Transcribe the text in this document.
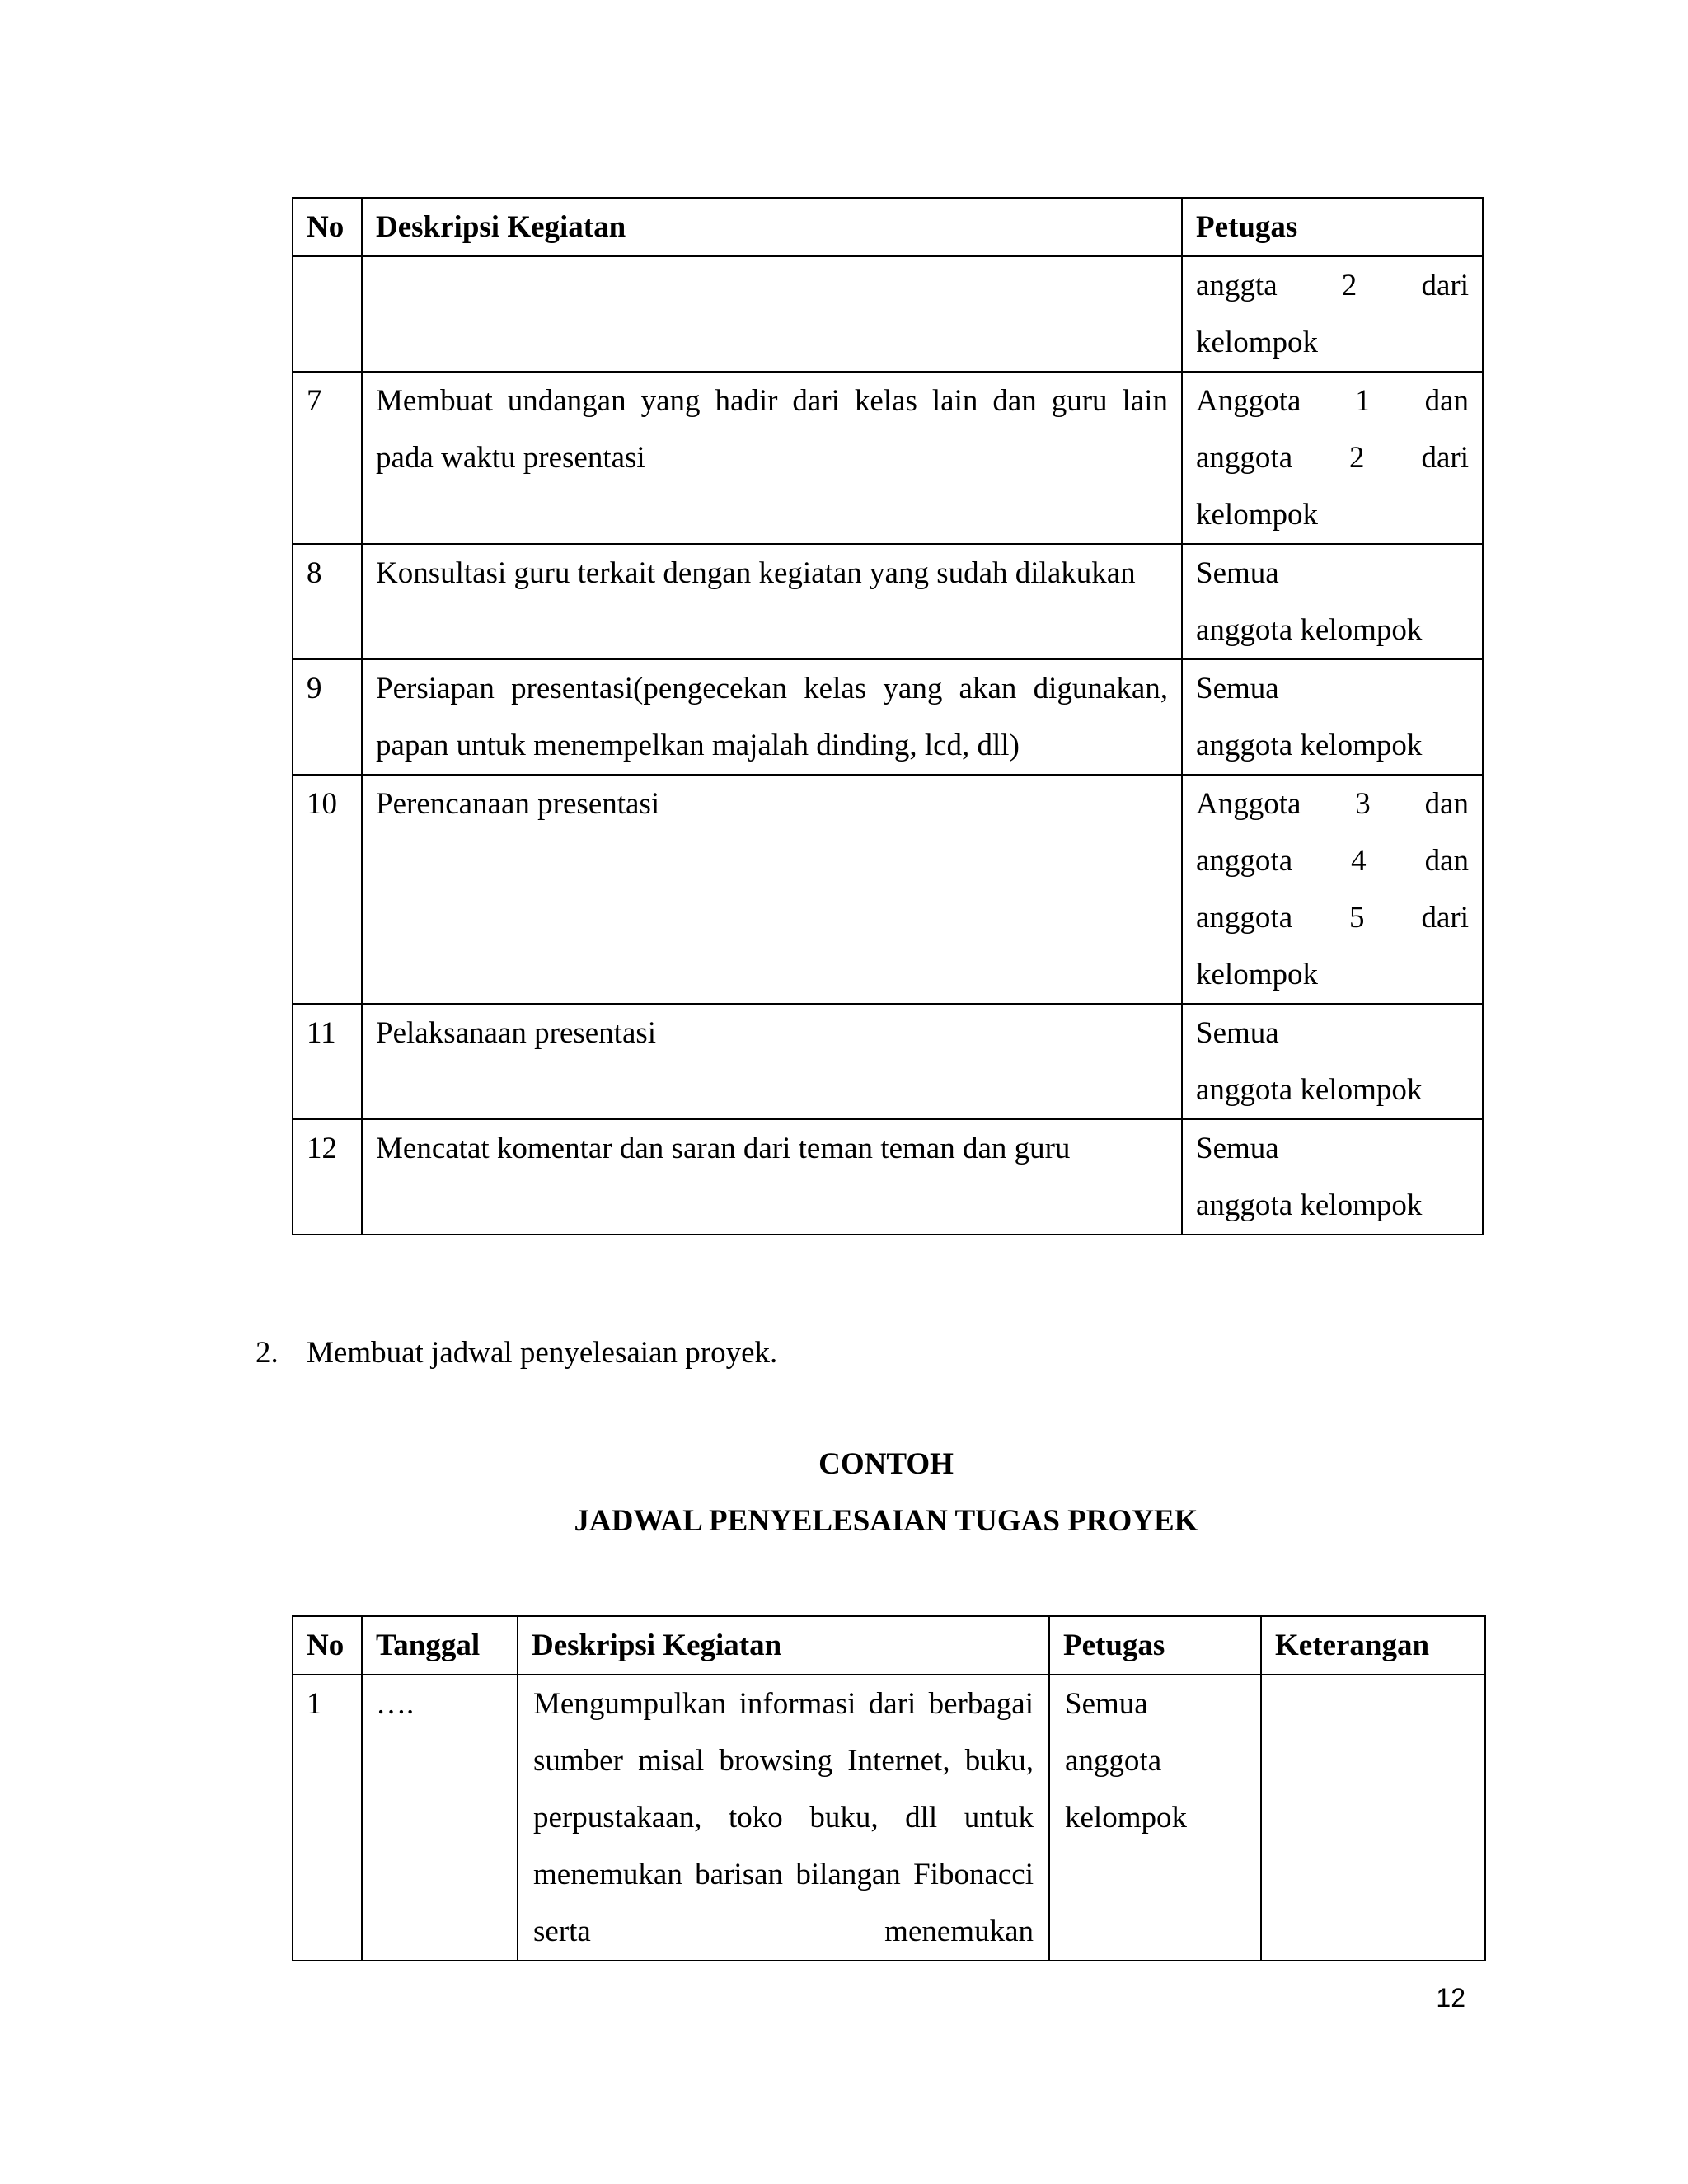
No	Deskripsi Kegiatan	Petugas

		anggta 2 dari
kelompok

7	Membuat undangan yang hadir dari kelas lain dan guru lain pada waktu presentasi	Anggota 1 dan
anggota 2 dari
kelompok

8	Konsultasi guru terkait dengan kegiatan yang sudah dilakukan	Semua
anggota kelompok

9	Persiapan presentasi(pengecekan kelas yang akan digunakan, papan untuk menempelkan majalah dinding, lcd, dll)	Semua
anggota kelompok

10	Perencanaan presentasi	Anggota 3 dan
anggota 4 dan
anggota 5 dari
kelompok

11	Pelaksanaan presentasi	Semua
anggota kelompok

12	Mencatat komentar dan saran dari teman teman dan guru	Semua
anggota kelompok
2. Membuat jadwal penyelesaian proyek.
CONTOH
JADWAL PENYELESAIAN TUGAS PROYEK
No	Tanggal	Deskripsi Kegiatan	Petugas	Keterangan
1	….	Mengumpulkan informasi dari berbagai sumber misal browsing Internet, buku, perpustakaan, toko buku, dll untuk menemukan barisan bilangan Fibonacci serta menemukan	Semua
anggota
kelompok	

12
